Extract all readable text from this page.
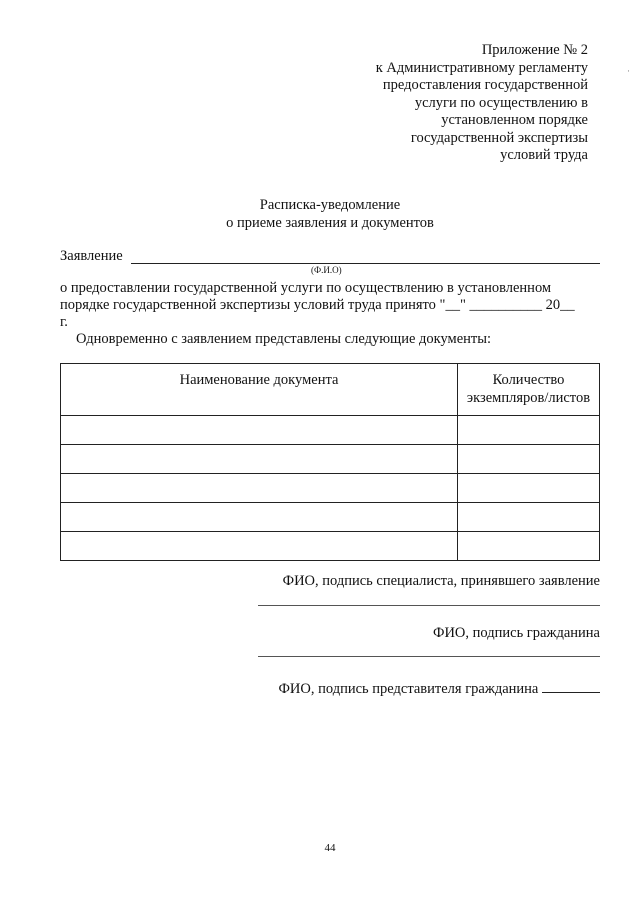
Приложение № 2
к Административному регламенту
предоставления государственной
услуги по осуществлению в
установленном порядке
государственной экспертизы
условий труда
·
Расписка-уведомление
о приеме заявления и документов
Заявление
(Ф.И.О)

о предоставлении государственной услуги по осуществлению в установленном

порядке государственной экспертизы условий труда принято "__" __________ 20__

г.

Одновременно с заявлением представлены следующие документы:
Наименование документа	Количество
экземпляров/листов

ФИО, подпись специалиста, принявшего заявление
ФИО, подпись гражданина
ФИО, подпись представителя гражданина
44
